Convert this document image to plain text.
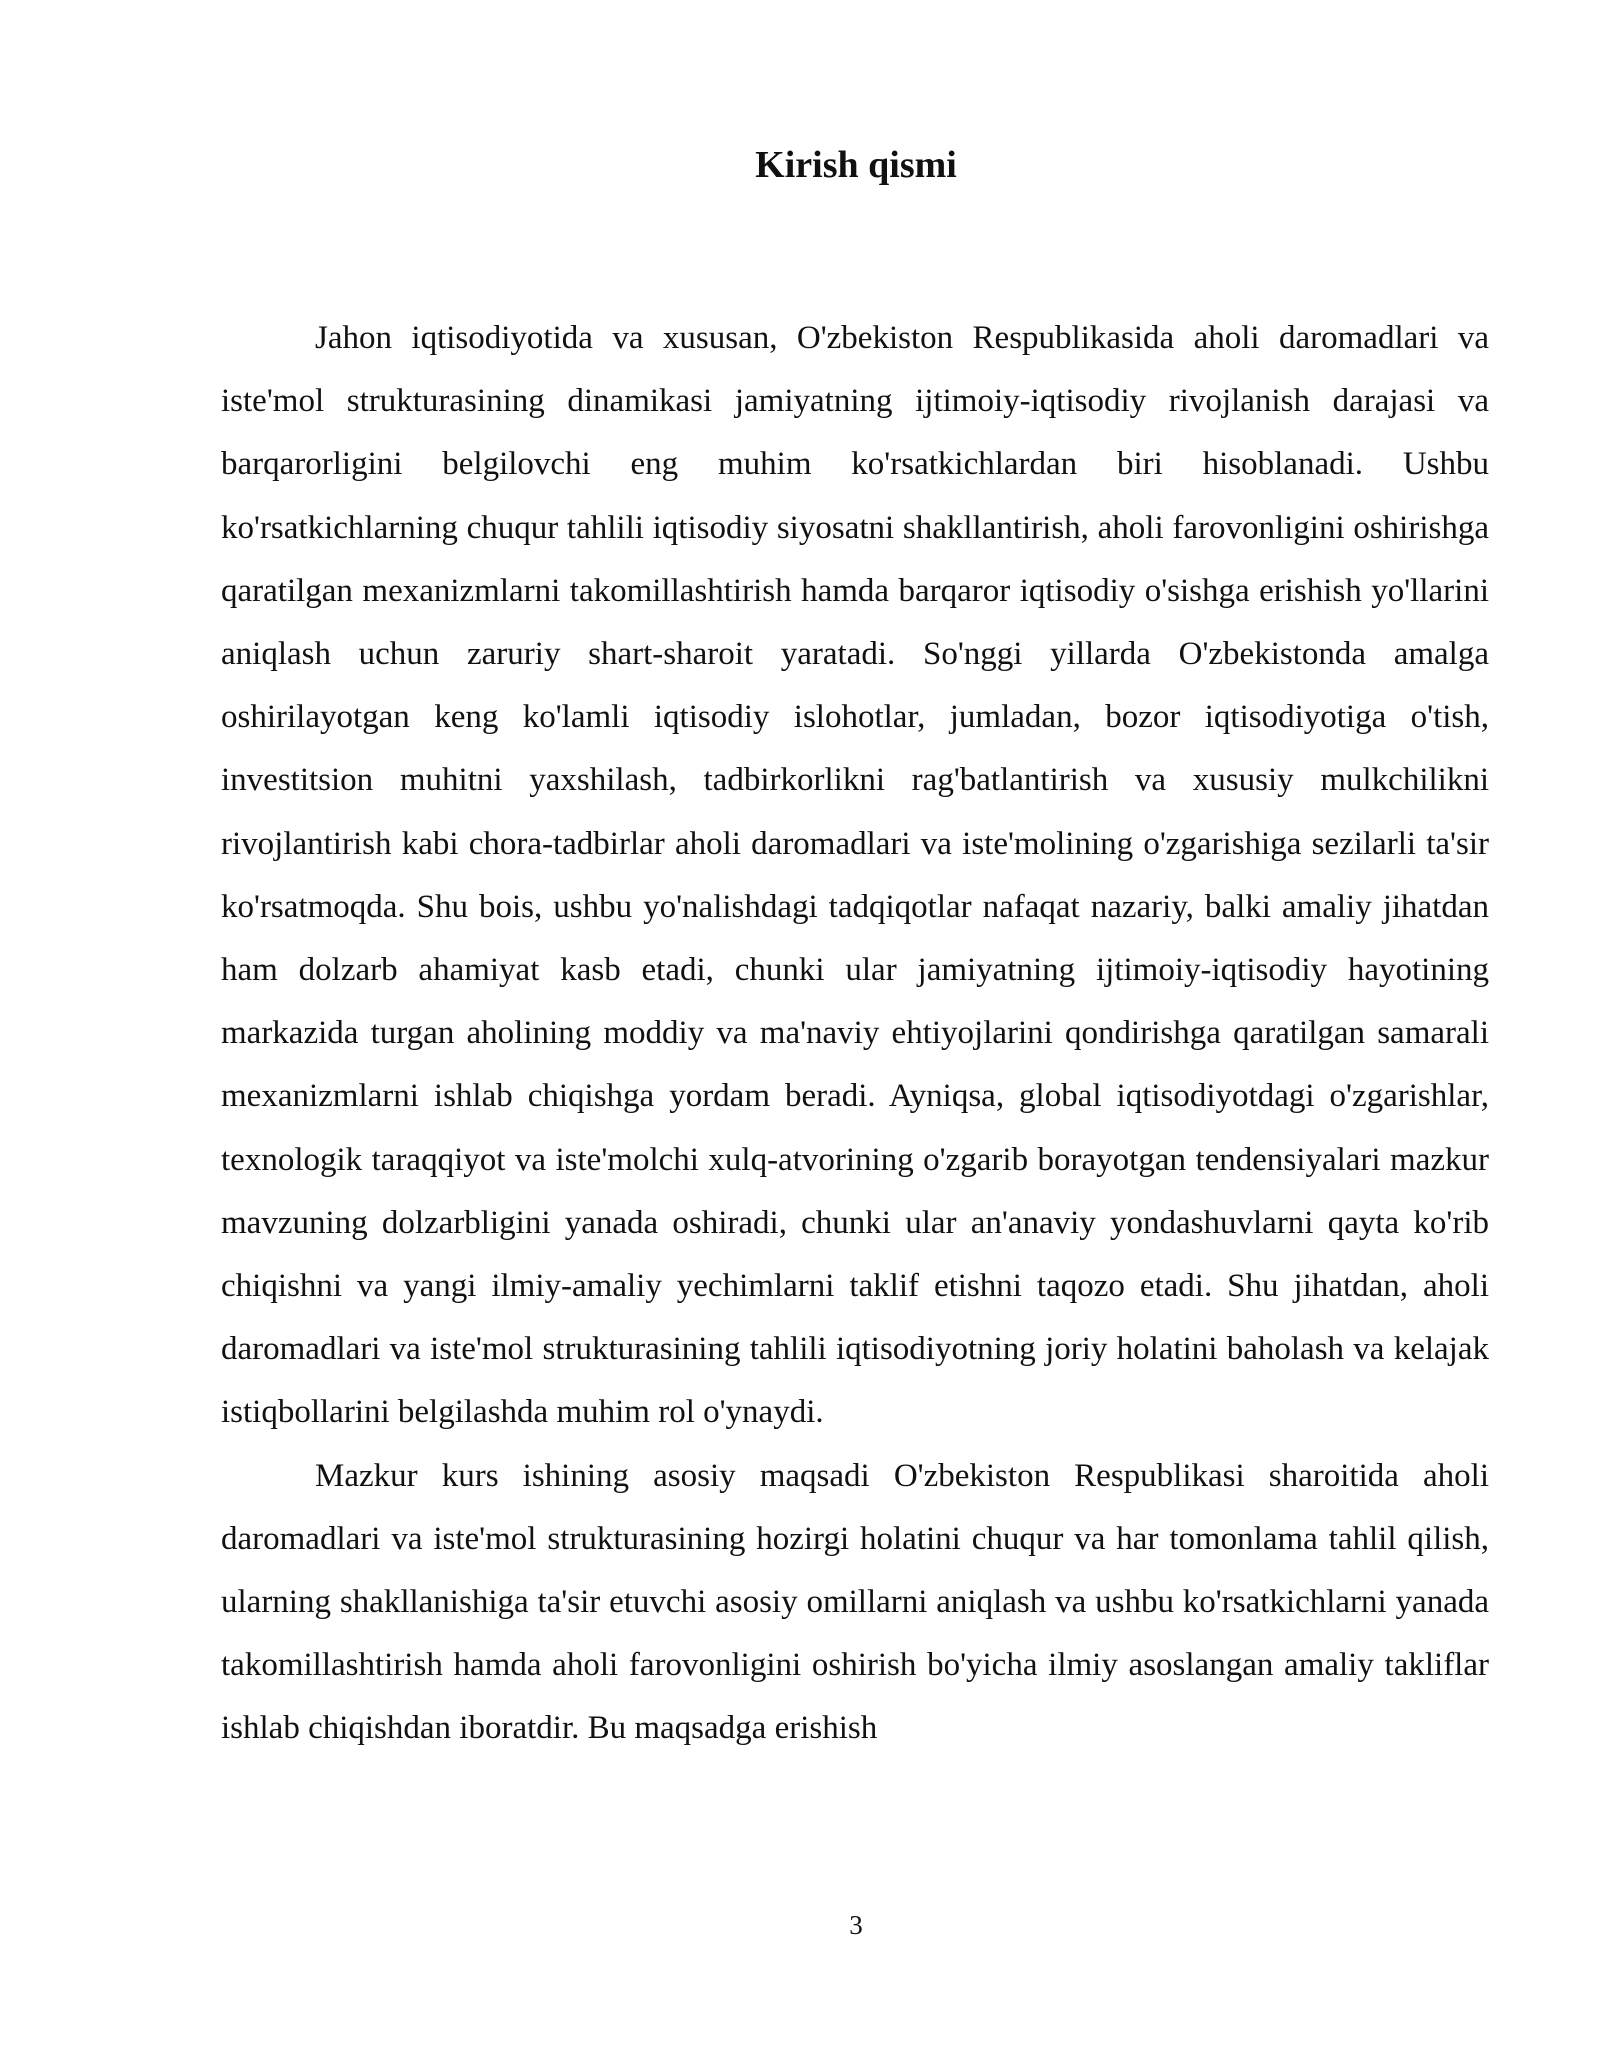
Kirish qismi

Jahon iqtisodiyotida va xususan, O'zbekiston Respublikasida aholi daromadlari va iste'mol strukturasining dinamikasi jamiyatning ijtimoiy-iqtisodiy rivojlanish darajasi va barqarorligini belgilovchi eng muhim ko'rsatkichlardan biri hisoblanadi. Ushbu ko'rsatkichlarning chuqur tahlili iqtisodiy siyosatni shakllantirish, aholi farovonligini oshirishga qaratilgan mexanizmlarni takomillashtirish hamda barqaror iqtisodiy o'sishga erishish yo'llarini aniqlash uchun zaruriy shart-sharoit yaratadi. So'nggi yillarda O'zbekistonda amalga oshirilayotgan keng ko'lamli iqtisodiy islohotlar, jumladan, bozor iqtisodiyotiga o'tish, investitsion muhitni yaxshilash, tadbirkorlikni rag'batlantirish va xususiy mulkchilikni rivojlantirish kabi chora-tadbirlar aholi daromadlari va iste'molining o'zgarishiga sezilarli ta'sir ko'rsatmoqda. Shu bois, ushbu yo'nalishdagi tadqiqotlar nafaqat nazariy, balki amaliy jihatdan ham dolzarb ahamiyat kasb etadi, chunki ular jamiyatning ijtimoiy-iqtisodiy hayotining markazida turgan aholining moddiy va ma'naviy ehtiyojlarini qondirishga qaratilgan samarali mexanizmlarni ishlab chiqishga yordam beradi. Ayniqsa, global iqtisodiyotdagi o'zgarishlar, texnologik taraqqiyot va iste'molchi xulq-atvorining o'zgarib borayotgan tendensiyalari mazkur mavzuning dolzarbligini yanada oshiradi, chunki ular an'anaviy yondashuvlarni qayta ko'rib chiqishni va yangi ilmiy-amaliy yechimlarni taklif etishni taqozo etadi. Shu jihatdan, aholi daromadlari va iste'mol strukturasining tahlili iqtisodiyotning joriy holatini baholash va kelajak istiqbollarini belgilashda muhim rol o'ynaydi.

Mazkur kurs ishining asosiy maqsadi O'zbekiston Respublikasi sharoitida aholi daromadlari va iste'mol strukturasining hozirgi holatini chuqur va har tomonlama tahlil qilish, ularning shakllanishiga ta'sir etuvchi asosiy omillarni aniqlash va ushbu ko'rsatkichlarni yanada takomillashtirish hamda aholi farovonligini oshirish bo'yicha ilmiy asoslangan amaliy takliflar ishlab chiqishdan iboratdir. Bu maqsadga erishish

3
